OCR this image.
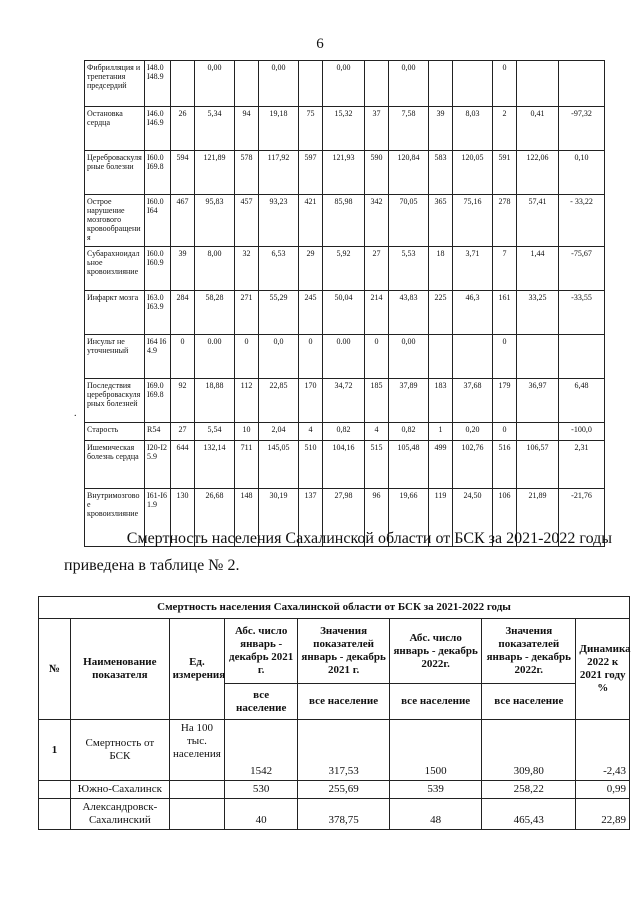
6
Фибрилляция и трепетания предсердий	I48.0 I48.9		0,00		0,00		0,00		0,00			0		
Остановка сердца	I46.0 I46.9	26	5,34	94	19,18	75	15,32	37	7,58	39	8,03	2	0,41	-97,32
Цереброваскулярные болезни	I60.0 I69.8	594	121,89	578	117,92	597	121,93	590	120,84	583	120,05	591	122,06	0,10
Острое нарушение мозгового кровообращения	I60.0 I64	467	95,83	457	93,23	421	85,98	342	70,05	365	75,16	278	57,41	- 33,22
Субарахноидальное кровоизлияние	I60.0 I60.9	39	8,00	32	6,53	29	5,92	27	5,53	18	3,71	7	1,44	-75,67
Инфаркт мозга	I63.0 I63.9	284	58,28	271	55,29	245	50,04	214	43,83	225	46,3	161	33,25	-33,55
Инсульт не уточненный	I64 I64.9	0	0.00	0	0,0	0	0.00	0	0,00			0		
Последствия цереброваскулярных болезней	I69.0 I69.8	92	18,88	112	22,85	170	34,72	185	37,89	183	37,68	179	36,97	6,48
Старость	R54	27	5,54	10	2,04	4	0,82	4	0,82	1	0,20	0		-100,0
Ишемическая болезнь сердца	I20-I25.9	644	132,14	711	145,05	510	104,16	515	105,48	499	102,76	516	106,57	2,31
Внутримозговое кровоизлияние	I61-I61.9	130	26,68	148	30,19	137	27,98	96	19,66	119	24,50	106	21,89	-21,76
.
Смертность населения Сахалинской области от БСК за 2021-2022 годы
приведена в таблице № 2.
Смертность населения Сахалинской области от БСК за 2021-2022 годы							
№	Наименование показателя	Ед. измерения	Абс. число январь - декабрь 2021 г.	Значения показателей январь - декабрь 2021 г.	Абс. число январь - декабрь 2022г.	Значения показателей январь - декабрь 2022г.	Динамика 2022 к 2021 году %
			все население	все население	все население	все население	
1	Смертность от БСК	На 100 тыс. населения	1542	317,53	1500	309,80	-2,43
	Южно-Сахалинск		530	255,69	539	258,22	0,99
	Александровск-Сахалинский		40	378,75	48	465,43	22,89
